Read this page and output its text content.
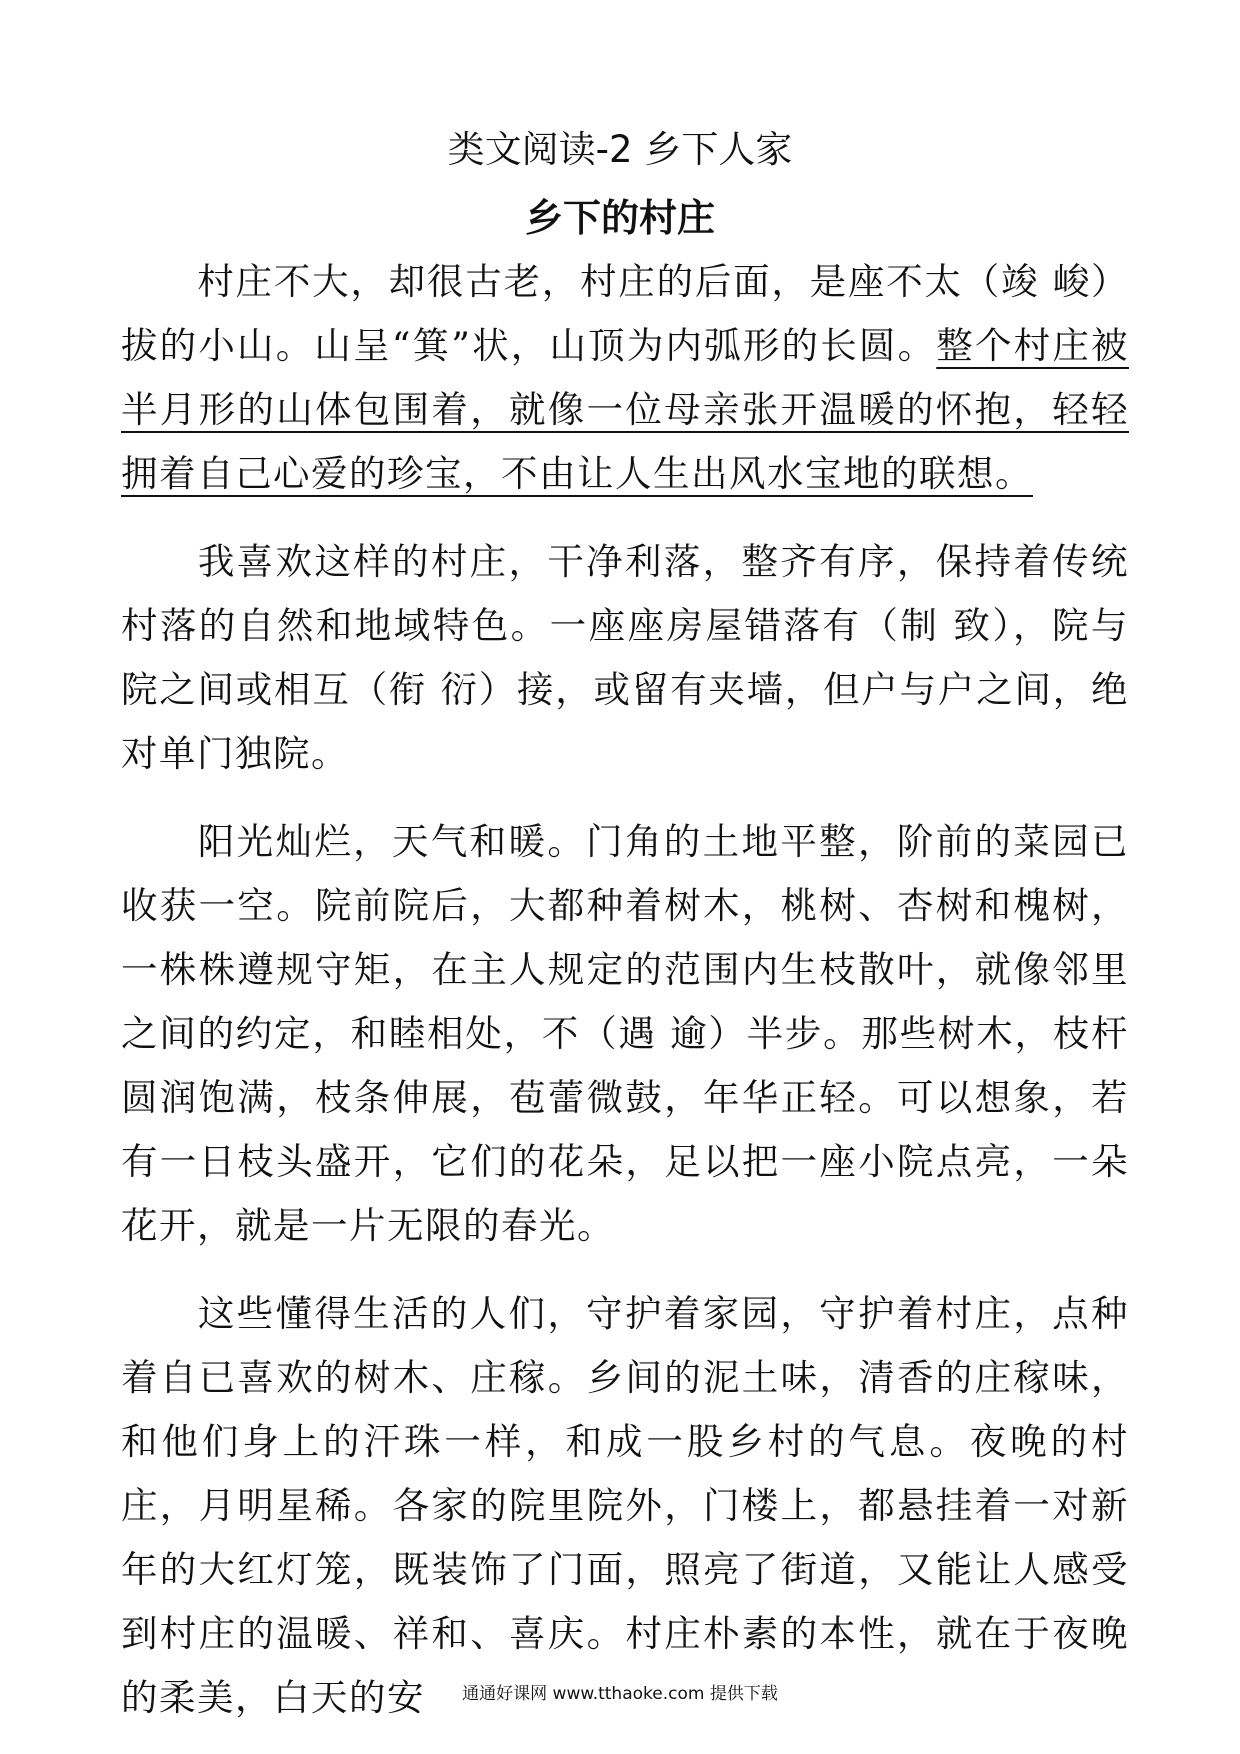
类文阅读-2 乡下人家
乡下的村庄

  村庄不大，却很古老，村庄的后面，是座不太（竣 峻）拔的小山。山呈“箕”状，山顶为内弧形的长圆。整个村庄被半月形的山体包围着，就像一位母亲张开温暖的怀抱，轻轻拥着自己心爱的珍宝，不由让人生出风水宝地的联想。

  我喜欢这样的村庄，干净利落，整齐有序，保持着传统村落的自然和地域特色。一座座房屋错落有（制 致），院与院之间或相互（衔 衍）接，或留有夹墙，但户与户之间，绝对单门独院。

  阳光灿烂，天气和暖。门角的土地平整，阶前的菜园已收获一空。院前院后，大都种着树木，桃树、杏树和槐树，一株株遵规守矩，在主人规定的范围内生枝散叶，就像邻里之间的约定，和睦相处，不（遇 逾）半步。那些树木，枝杆圆润饱满，枝条伸展，苞蕾微鼓，年华正轻。可以想象，若有一日枝头盛开，它们的花朵，足以把一座小院点亮，一朵花开，就是一片无限的春光。

  这些懂得生活的人们，守护着家园，守护着村庄，点种着自已喜欢的树木、庄稼。乡间的泥土味，清香的庄稼味，和他们身上的汗珠一样，和成一股乡村的气息。夜晚的村庄，月明星稀。各家的院里院外，门楼上，都悬挂着一对新年的大红灯笼，既装饰了门面，照亮了街道，又能让人感受到村庄的温暖、祥和、喜庆。村庄朴素的本性，就在于夜晚的柔美，白天的安	通通好课网 www.tthaoke.com 提供下载
